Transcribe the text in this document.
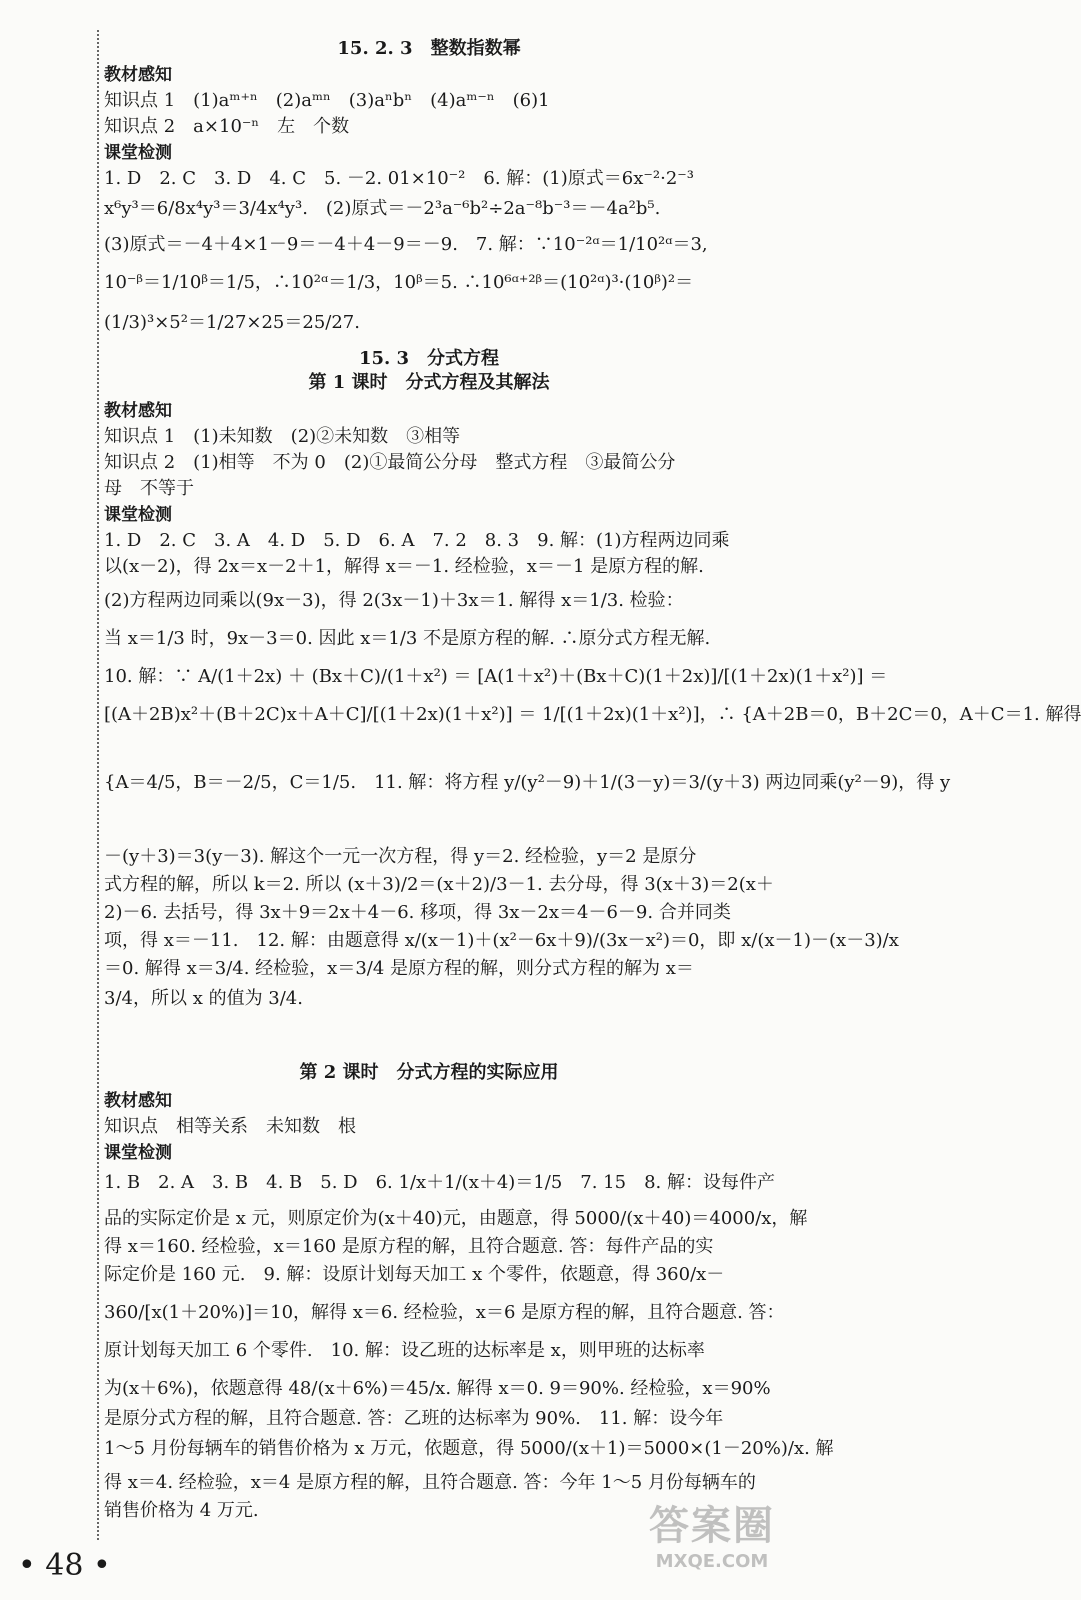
15. 2. 3　整数指数幂
教材感知
知识点 1　(1)aᵐ⁺ⁿ　(2)aᵐⁿ　(3)aⁿbⁿ　(4)aᵐ⁻ⁿ　(6)1
知识点 2　a×10⁻ⁿ　左　个数
课堂检测
1. D　2. C　3. D　4. C　5. －2. 01×10⁻²　6. 解：(1)原式＝6x⁻²·2⁻³
x⁶y³＝6/8x⁴y³＝3/4x⁴y³.　(2)原式＝－2³a⁻⁶b²÷2a⁻⁸b⁻³＝－4a²b⁵.
(3)原式＝－4＋4×1－9＝－4＋4－9＝－9.　7. 解：∵10⁻²ᵅ＝1/10²ᵅ＝3,
10⁻ᵝ＝1/10ᵝ＝1/5，∴10²ᵅ＝1/3，10ᵝ＝5. ∴10⁶ᵅ⁺²ᵝ＝(10²ᵅ)³·(10ᵝ)²＝
(1/3)³×5²＝1/27×25＝25/27.
15. 3　分式方程
第 1 课时　分式方程及其解法
教材感知
知识点 1　(1)未知数　(2)②未知数　③相等
知识点 2　(1)相等　不为 0　(2)①最简公分母　整式方程　③最简公分
母　不等于
课堂检测
1. D　2. C　3. A　4. D　5. D　6. A　7. 2　8. 3　9. 解：(1)方程两边同乘
以(x－2)，得 2x＝x－2＋1，解得 x＝－1. 经检验，x＝－1 是原方程的解.
(2)方程两边同乘以(9x－3)，得 2(3x－1)＋3x＝1. 解得 x＝1/3. 检验：
当 x＝1/3 时，9x－3＝0. 因此 x＝1/3 不是原方程的解. ∴原分式方程无解.
10. 解：∵ A/(1＋2x) ＋ (Bx＋C)/(1＋x²) ＝ [A(1＋x²)＋(Bx＋C)(1＋2x)]/[(1＋2x)(1＋x²)] ＝
[(A＋2B)x²＋(B＋2C)x＋A＋C]/[(1＋2x)(1＋x²)] ＝ 1/[(1＋2x)(1＋x²)]，∴ {A＋2B＝0，B＋2C＝0，A＋C＝1. 解得
{A＝4/5，B＝－2/5，C＝1/5.　11. 解：将方程 y/(y²－9)＋1/(3－y)＝3/(y＋3) 两边同乘(y²－9)，得 y
－(y＋3)＝3(y－3). 解这个一元一次方程，得 y＝2. 经检验，y＝2 是原分
式方程的解，所以 k＝2. 所以 (x＋3)/2＝(x＋2)/3－1. 去分母，得 3(x＋3)＝2(x＋
2)－6. 去括号，得 3x＋9＝2x＋4－6. 移项，得 3x－2x＝4－6－9. 合并同类
项，得 x＝－11.　12. 解：由题意得 x/(x－1)＋(x²－6x＋9)/(3x－x²)＝0，即 x/(x－1)－(x－3)/x
＝0. 解得 x＝3/4. 经检验，x＝3/4 是原方程的解，则分式方程的解为 x＝
3/4，所以 x 的值为 3/4.
第 2 课时　分式方程的实际应用
教材感知
知识点　相等关系　未知数　根
课堂检测
1. B　2. A　3. B　4. B　5. D　6. 1/x＋1/(x＋4)＝1/5　7. 15　8. 解：设每件产
品的实际定价是 x 元，则原定价为(x＋40)元，由题意，得 5000/(x＋40)＝4000/x，解
得 x＝160. 经检验，x＝160 是原方程的解，且符合题意. 答：每件产品的实
际定价是 160 元.　9. 解：设原计划每天加工 x 个零件，依题意，得 360/x－
360/[x(1＋20%)]＝10，解得 x＝6. 经检验，x＝6 是原方程的解，且符合题意. 答：
原计划每天加工 6 个零件.　10. 解：设乙班的达标率是 x，则甲班的达标率
为(x＋6%)，依题意得 48/(x＋6%)＝45/x. 解得 x＝0. 9＝90%. 经检验，x＝90%
是原分式方程的解，且符合题意. 答：乙班的达标率为 90%.　11. 解：设今年
1～5 月份每辆车的销售价格为 x 万元，依题意，得 5000/(x＋1)＝5000×(1－20%)/x. 解
得 x＝4. 经检验，x＝4 是原方程的解，且符合题意. 答：今年 1～5 月份每辆车的
销售价格为 4 万元.
• 48 •
答案圈
MXQE.COM
